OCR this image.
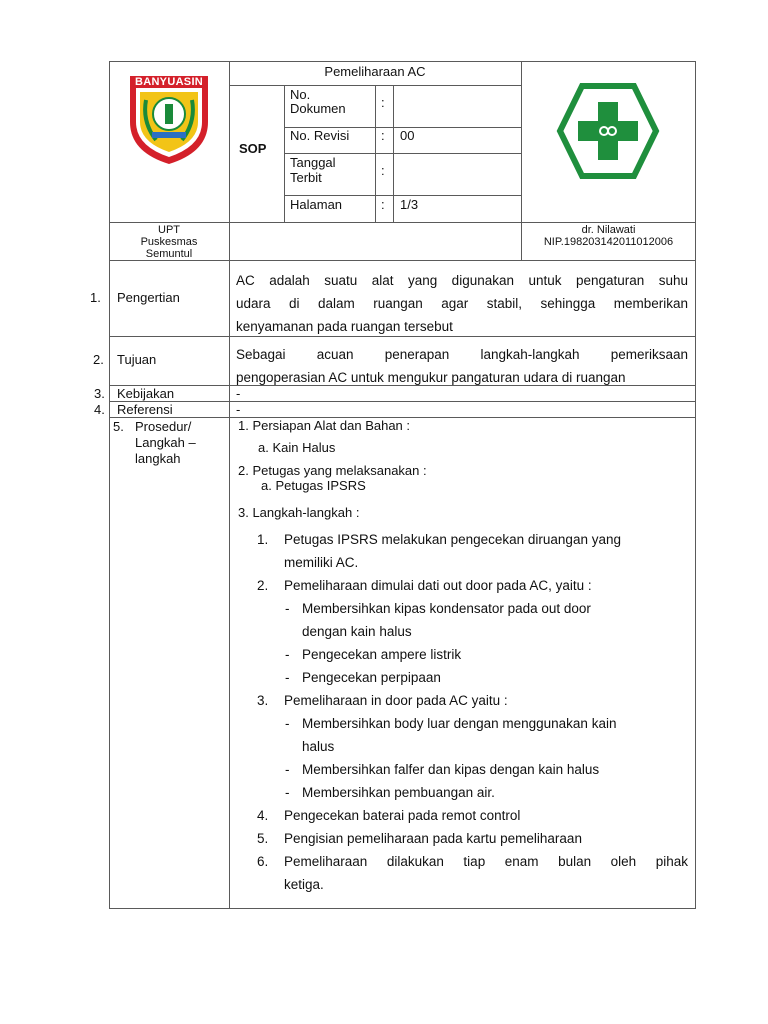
BANYUASIN
Pemeliharaan AC
SOP
No.
Dokumen	:
No. Revisi : 00
Tanggal
Terbit	:
Halaman	: 1/3
UPT
Puskesmas
Semuntul
dr. Nilawati
NIP.198203142011012006
1. Pengertian
AC adalah suatu alat yang digunakan untuk pengaturan suhu
udara di dalam ruangan agar stabil, sehingga memberikan
kenyamanan pada ruangan tersebut
2. Tujuan	Sebagai acuan penerapan langkah-langkah pemeriksaan
pengoperasian AC untuk mengukur pangaturan udara di ruangan
3. Kebijakan	-
4. Referensi	-
5. Prosedur/
Langkah –
langkah
1. Persiapan Alat dan Bahan :
a. Kain Halus
2. Petugas yang melaksanakan :
a. Petugas IPSRS
3. Langkah-langkah :
1. Petugas IPSRS melakukan pengecekan diruangan yang
memiliki AC.
2. Pemeliharaan dimulai dati out door pada AC, yaitu :
- Membersihkan kipas kondensator pada out door
dengan kain halus
- Pengecekan ampere listrik
- Pengecekan perpipaan
3. Pemeliharaan in door pada AC yaitu :
- Membersihkan body luar dengan menggunakan kain
halus
- Membersihkan falfer dan kipas dengan kain halus
- Membersihkan pembuangan air.
4. Pengecekan baterai pada remot control
5. Pengisian pemeliharaan pada kartu pemeliharaan
6. Pemeliharaan dilakukan tiap enam bulan oleh pihak
ketiga.
